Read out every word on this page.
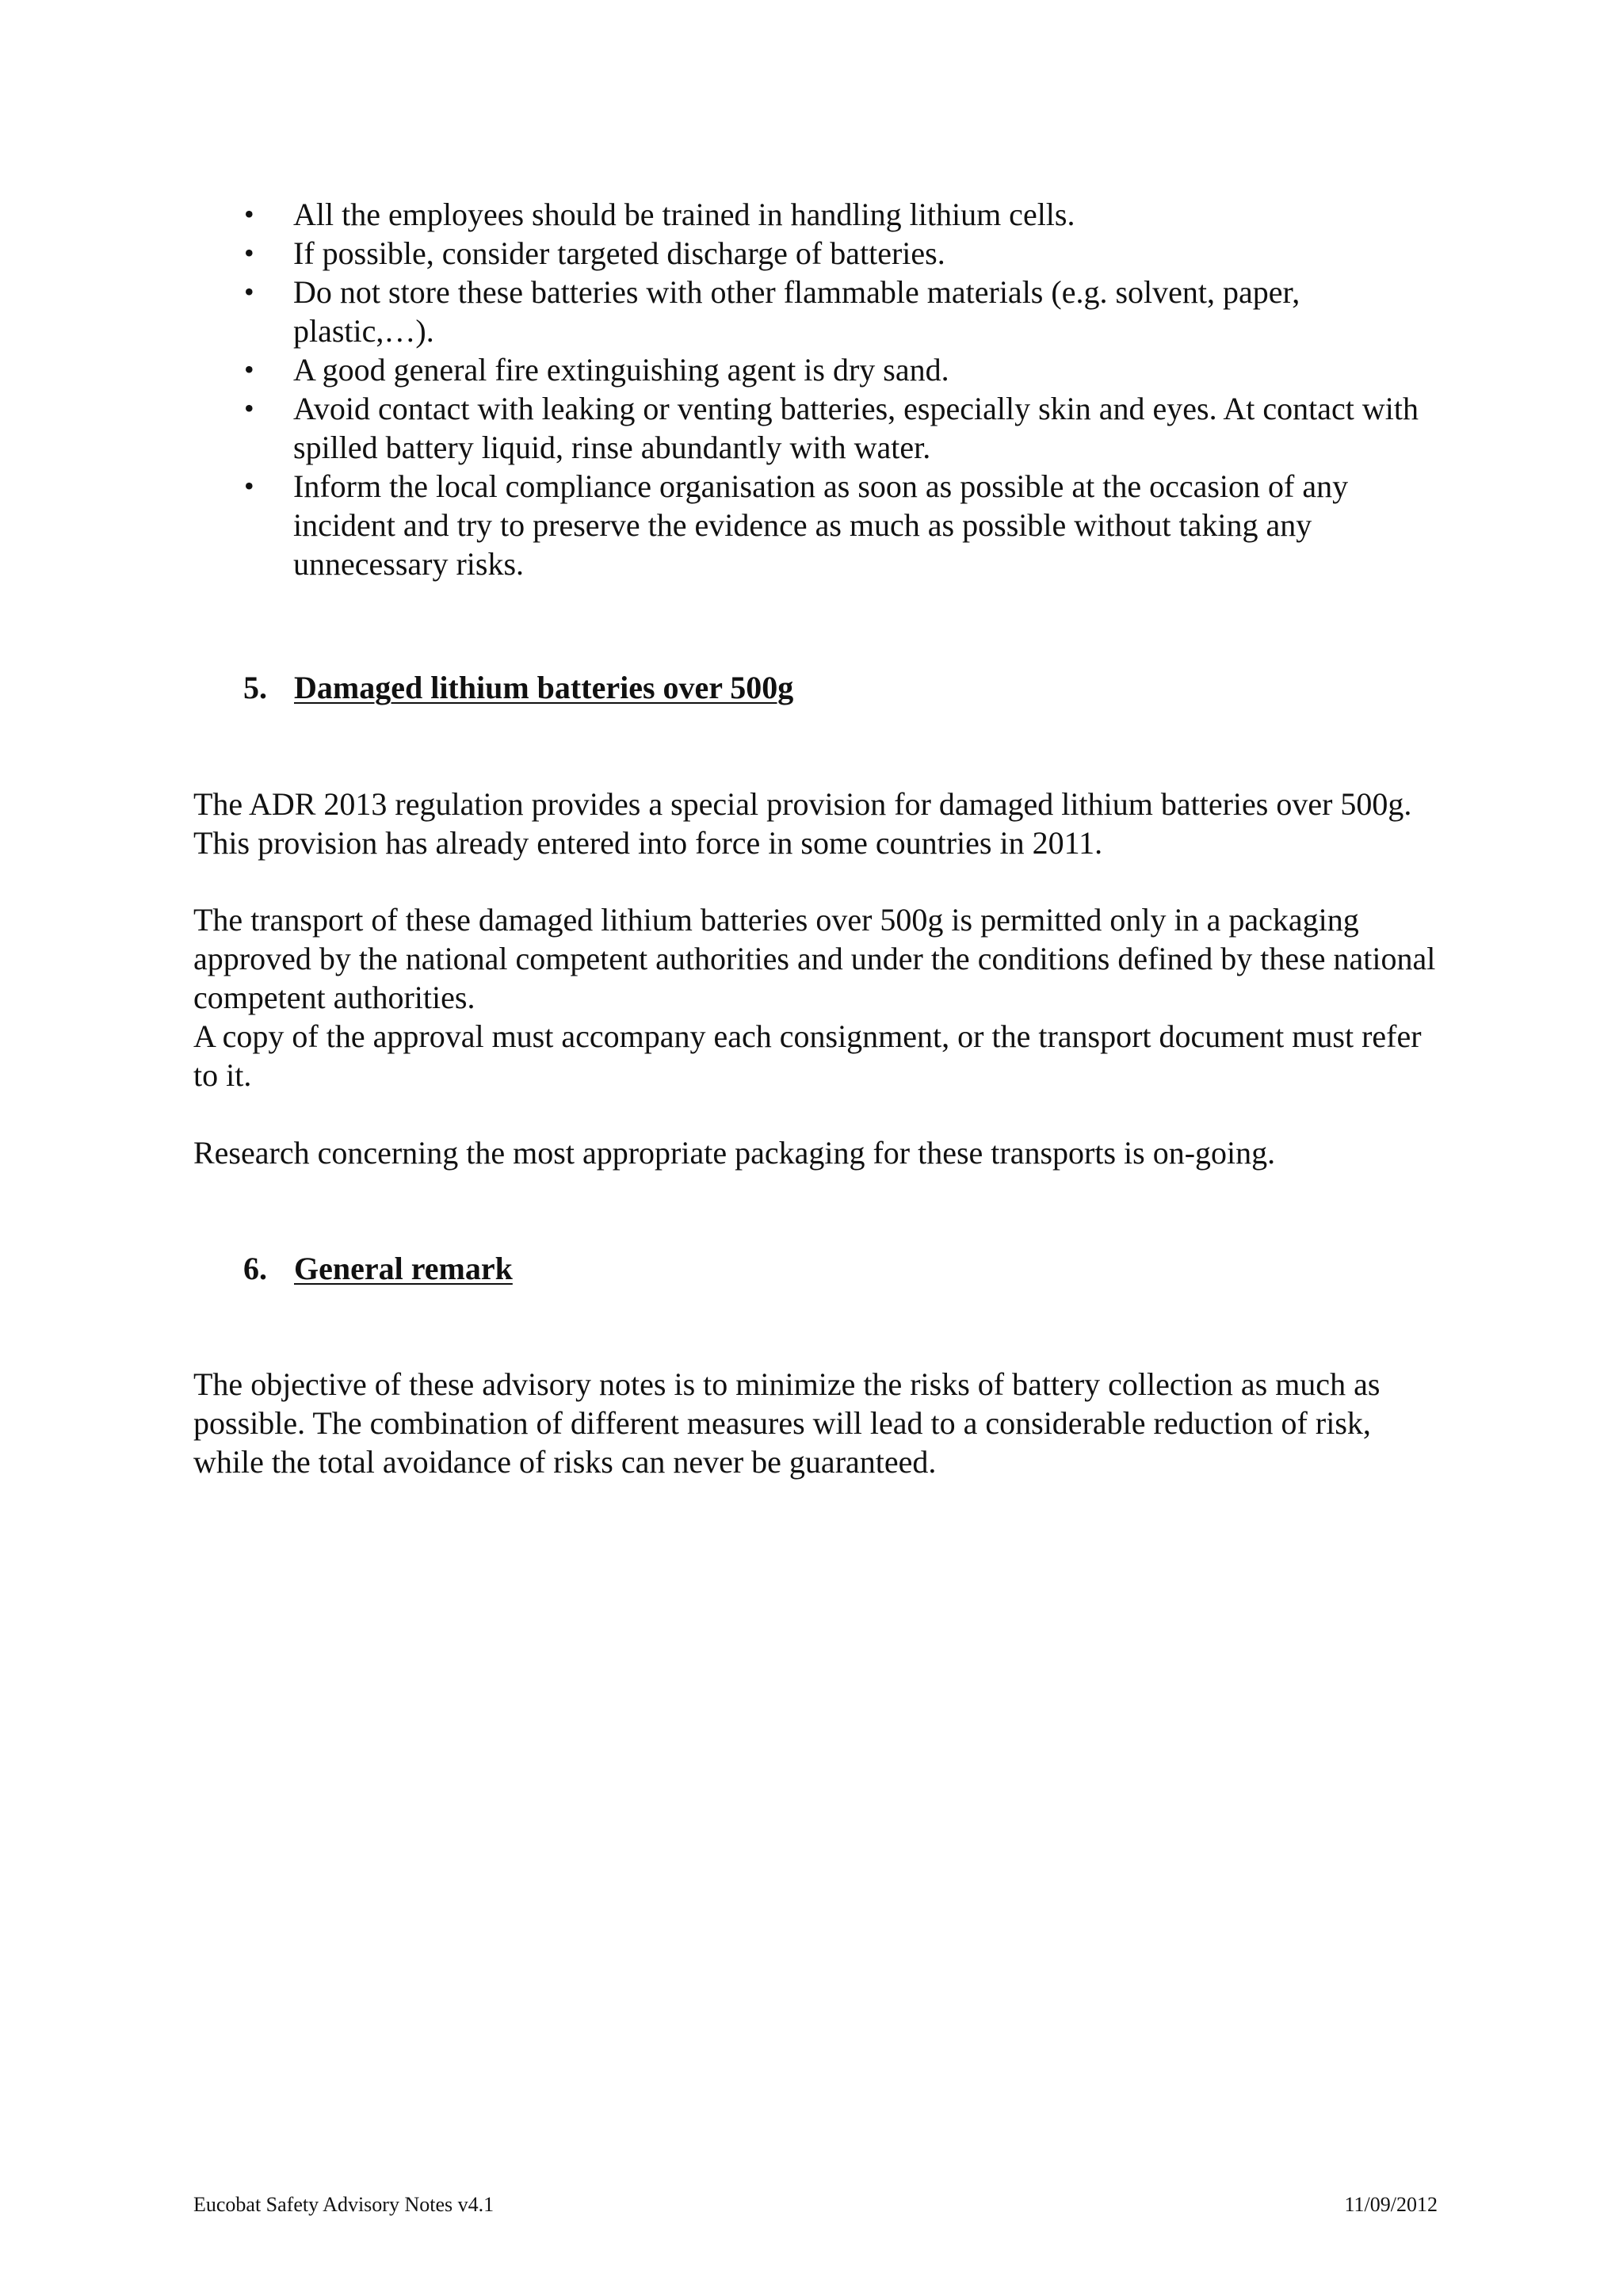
• All the employees should be trained in handling lithium cells.
• If possible, consider targeted discharge of batteries.
• Do not store these batteries with other flammable materials (e.g. solvent, paper, plastic,…).
• A good general fire extinguishing agent is dry sand.
• Avoid contact with leaking or venting batteries, especially skin and eyes. At contact with spilled battery liquid, rinse abundantly with water.
• Inform the local compliance organisation as soon as possible at the occasion of any incident and try to preserve the evidence as much as possible without taking any unnecessary risks.
5. Damaged lithium batteries over 500g

The ADR 2013 regulation provides a special provision for damaged lithium batteries over 500g. This provision has already entered into force in some countries in 2011.

The transport of these damaged lithium batteries over 500g is permitted only in a packaging approved by the national competent authorities and under the conditions defined by these national competent authorities.

A copy of the approval must accompany each consignment, or the transport document must refer to it.

Research concerning the most appropriate packaging for these transports is on-going.

6. General remark

The objective of these advisory notes is to minimize the risks of battery collection as much as possible. The combination of different measures will lead to a considerable reduction of risk, while the total avoidance of risks can never be guaranteed.

Eucobat Safety Advisory Notes v4.1	11/09/2012
